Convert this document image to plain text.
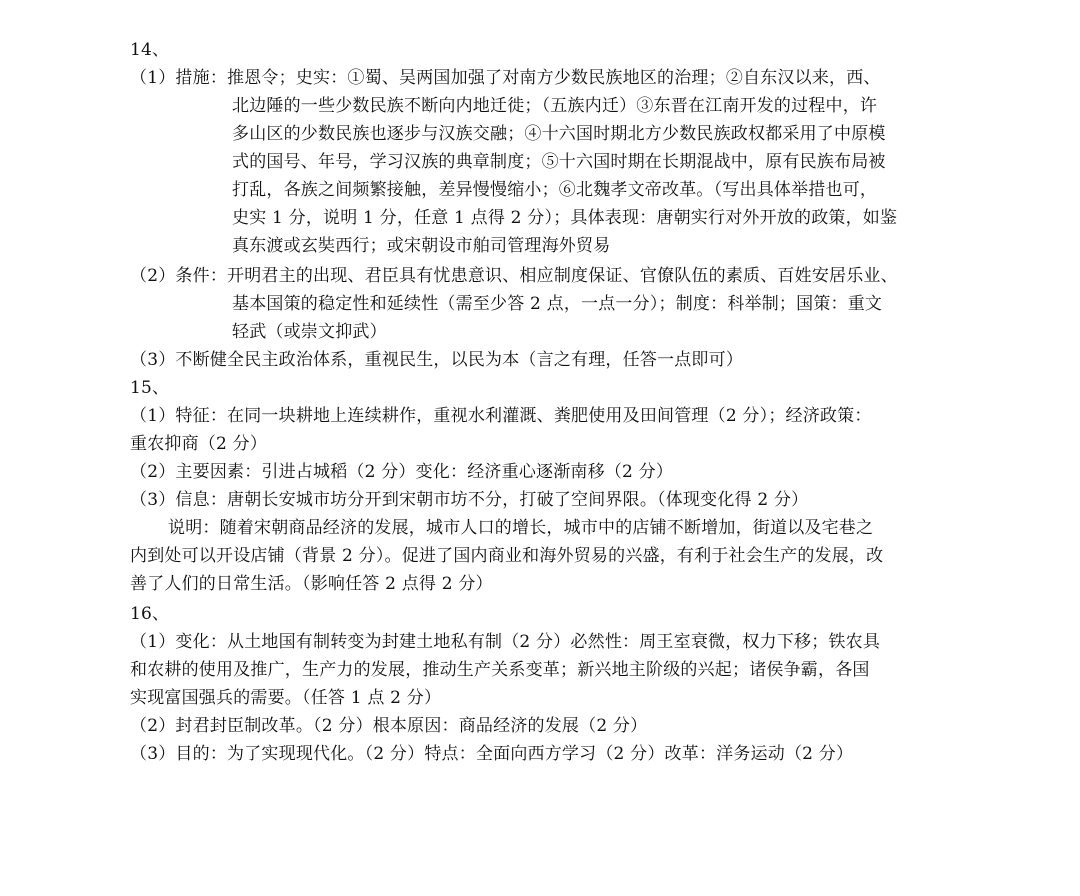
14、
（1）措施：推恩令；史实：①蜀、吴两国加强了对南方少数民族地区的治理；②自东汉以来，西、
北边陲的一些少数民族不断向内地迁徙；（五族内迁）③东晋在江南开发的过程中，许
多山区的少数民族也逐步与汉族交融；④十六国时期北方少数民族政权都采用了中原模
式的国号、年号，学习汉族的典章制度；⑤十六国时期在长期混战中，原有民族布局被
打乱，各族之间频繁接触，差异慢慢缩小；⑥北魏孝文帝改革。（写出具体举措也可，
史实 1 分，说明 1 分，任意 1 点得 2 分）；具体表现：唐朝实行对外开放的政策，如鉴
真东渡或玄奘西行；或宋朝设市舶司管理海外贸易
（2）条件：开明君主的出现、君臣具有忧患意识、相应制度保证、官僚队伍的素质、百姓安居乐业、
基本国策的稳定性和延续性（需至少答 2 点，一点一分）；制度：科举制；国策：重文
轻武（或崇文抑武）
（3）不断健全民主政治体系，重视民生，以民为本（言之有理，任答一点即可）
15、
（1）特征：在同一块耕地上连续耕作，重视水利灌溉、粪肥使用及田间管理（2 分）；经济政策：
重农抑商（2 分）
（2）主要因素：引进占城稻（2 分）变化：经济重心逐渐南移（2 分）
（3）信息：唐朝长安城市坊分开到宋朝市坊不分，打破了空间界限。（体现变化得 2 分）
说明：随着宋朝商品经济的发展，城市人口的增长，城市中的店铺不断增加，街道以及宅巷之
内到处可以开设店铺（背景 2 分）。促进了国内商业和海外贸易的兴盛，有利于社会生产的发展，改
善了人们的日常生活。（影响任答 2 点得 2 分）
16、
（1）变化：从土地国有制转变为封建土地私有制（2 分）必然性：周王室衰微，权力下移；铁农具
和农耕的使用及推广，生产力的发展，推动生产关系变革；新兴地主阶级的兴起；诸侯争霸，各国
实现富国强兵的需要。（任答 1 点 2 分）
（2）封君封臣制改革。（2 分）根本原因：商品经济的发展（2 分）
（3）目的：为了实现现代化。（2 分）特点：全面向西方学习（2 分）改革：洋务运动（2 分）
